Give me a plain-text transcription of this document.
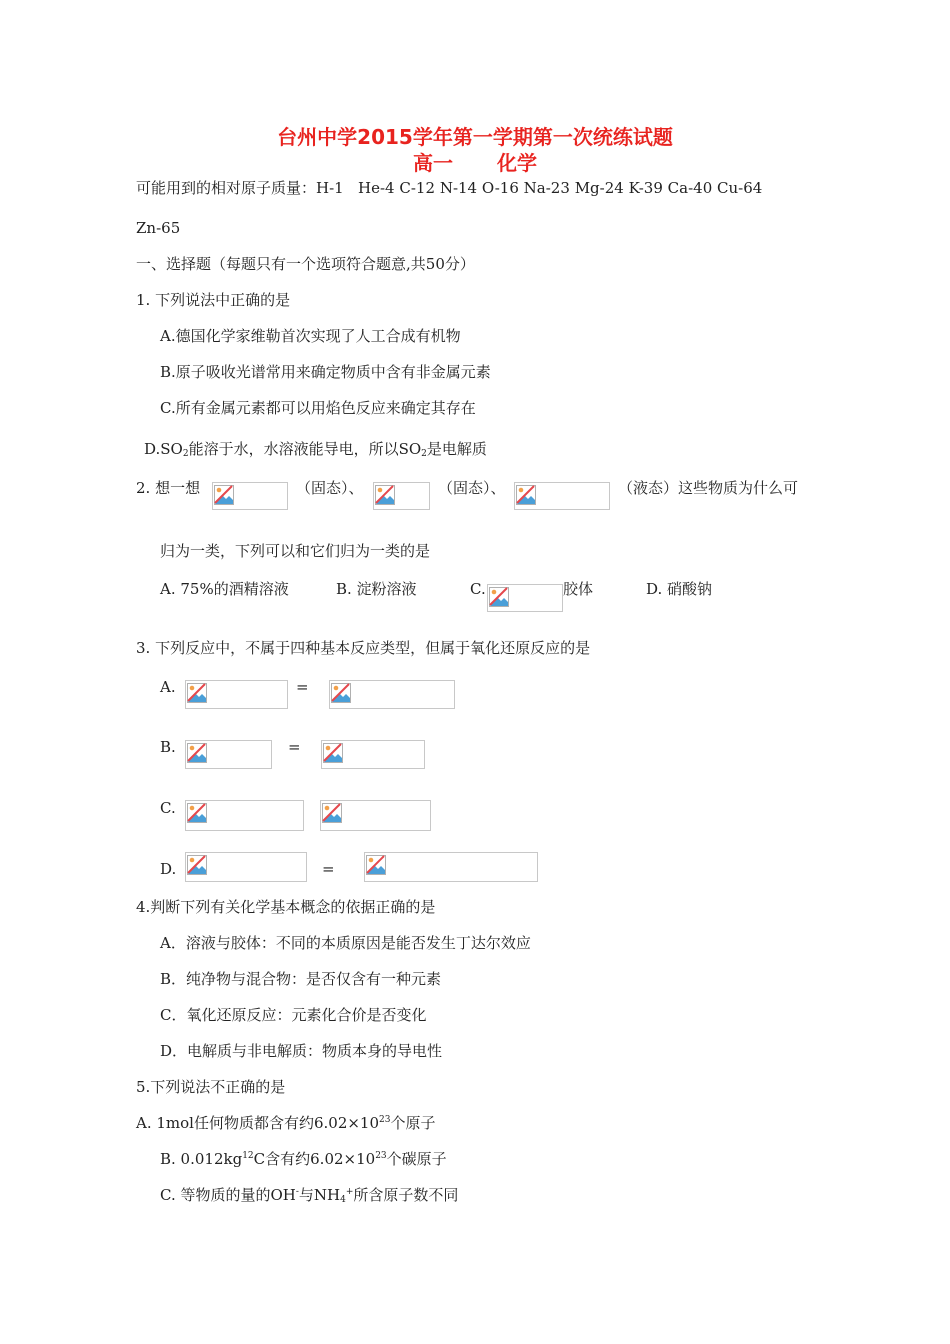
台州中学2015学年第一学期第一次统练试题
高一 化学
可能用到的相对原子质量：H-1 He-4 C-12 N-14 O-16 Na-23 Mg-24 K-39 Ca-40 Cu-64
Zn-65
一、选择题（每题只有一个选项符合题意,共50分）
1. 下列说法中正确的是
A.德国化学家维勒首次实现了人工合成有机物
B.原子吸收光谱常用来确定物质中含有非金属元素
C.所有金属元素都可以用焰色反应来确定其存在
$D.SO_2$能溶于水，水溶液能导电，所以$SO_2$是电解质
2. 想一想	（固态）、	（固态）、	（液态）这些物质为什么可
归为一类，下列可以和它们归为一类的是
A. 75%的酒精溶液	B. 淀粉溶液	C.	胶体	D. 硝酸钠
3. 下列反应中，不属于四种基本反应类型，但属于氧化还原反应的是
A.	=
B.	=
C.
D.	=
4.判断下列有关化学基本概念的依据正确的是
A．溶液与胶体：不同的本质原因是能否发生丁达尔效应
B．纯净物与混合物：是否仅含有一种元素
C．氧化还原反应：元素化合价是否变化
D．电解质与非电解质：物质本身的导电性
5.下列说法不正确的是
A. 1mol任何物质都含有约$6.02\times 10^{23}$个原子
B. $0.012kg^{12}C$含有约$6.02\times 10^{23}$个碳原子
C. 等物质的量的OH-与$NH_4^+$所含原子数不同
